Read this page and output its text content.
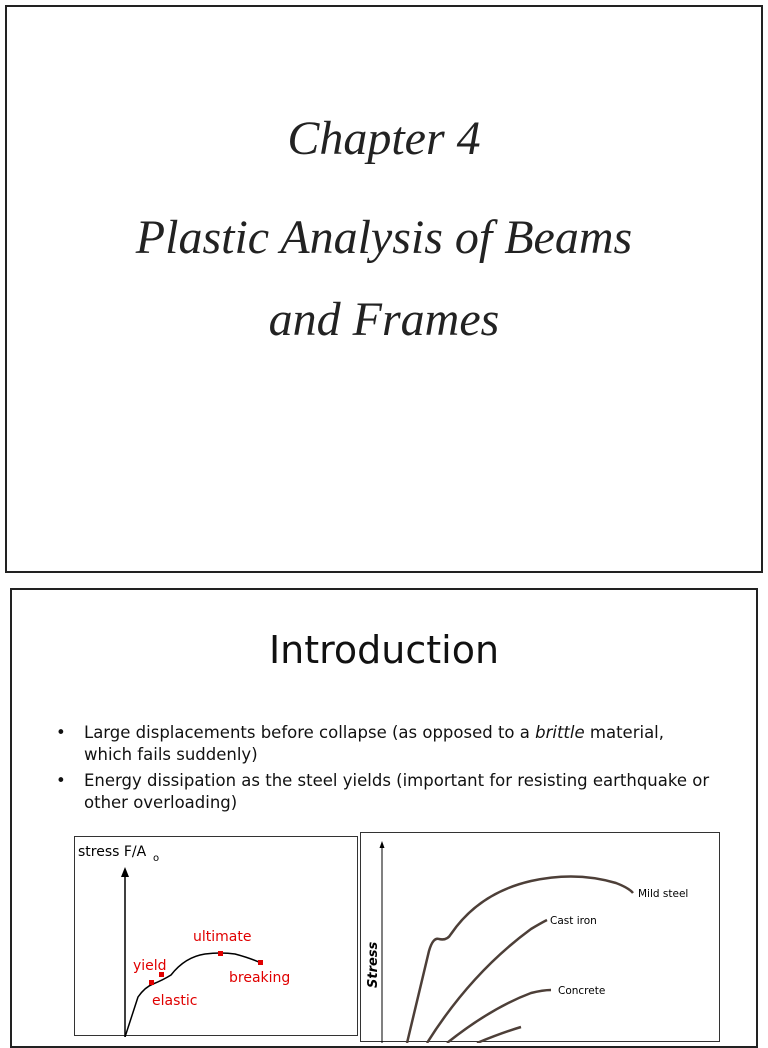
Chapter 4
Plastic Analysis of Beams
and Frames
Introduction
• Large displacements before collapse (as opposed to a brittle material, which fails suddenly)
• Energy dissipation as the steel yields (important for resisting earthquake or other overloading)
stress F/A o
ultimate
yield
breaking
elastic
Stress
Mild steel
Cast iron
Concrete
